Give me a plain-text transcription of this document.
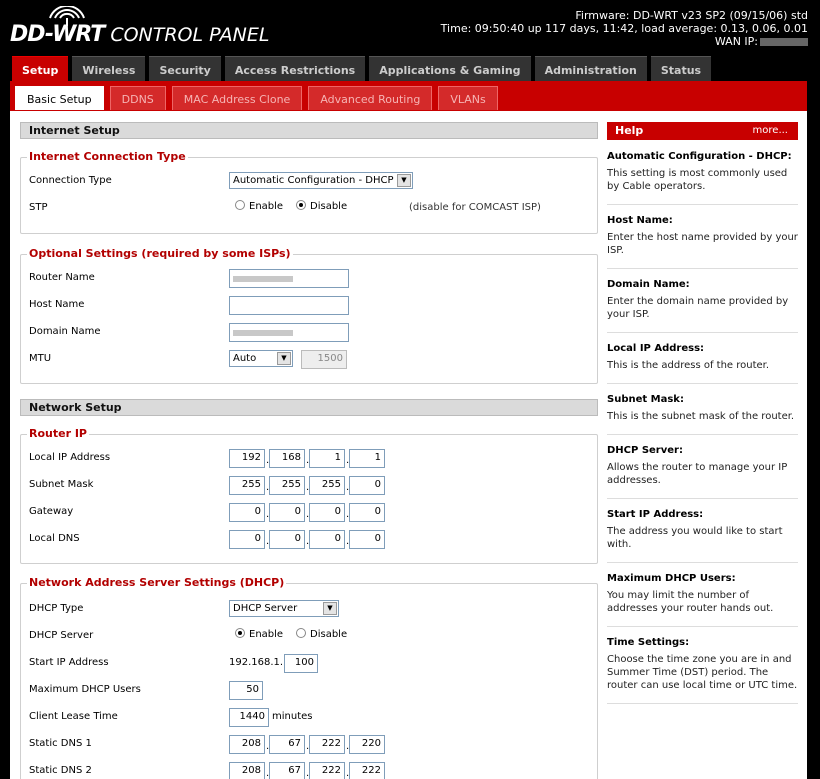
DD-WRT CONTROL PANEL
Firmware: DD-WRT v23 SP2 (09/15/06) std
Time: 09:50:40 up 117 days, 11:42, load average: 0.13, 0.06, 0.01
WAN IP:
Setup	Wireless	Security	Access Restrictions	Applications & Gaming	Administration	Status
Basic Setup	DDNS	MAC Address Clone	Advanced Routing	VLANs
Internet Setup
Internet Connection Type
Connection Type	Automatic Configuration - DHCP	▼
STP	Enable	Disable	(disable for COMCAST ISP)
Optional Settings (required by some ISPs)
Router Name
Host Name
Domain Name
MTU	Auto	▼	1500
Network Setup
Router IP
Local IP Address	192 .	168 .	1 .	1
Subnet Mask	255 .	255 .	255 .	0
Gateway	0 .	0 .	0 .	0
Local DNS	0 .	0 .	0 .	0
Network Address Server Settings (DHCP)
DHCP Type	DHCP Server	▼
DHCP Server	Enable	Disable
Start IP Address	192.168.1.	100
Maximum DHCP Users	50
Client Lease Time	1440 minutes
Static DNS 1	208 .	67 .	222 .	220
Static DNS 2	208 .	67 .	222 .	222
Help	more...
Automatic Configuration - DHCP:
This setting is most commonly used by Cable operators.
Host Name:
Enter the host name provided by your ISP.
Domain Name:
Enter the domain name provided by your ISP.
Local IP Address:
This is the address of the router.
Subnet Mask:
This is the subnet mask of the router.
DHCP Server:
Allows the router to manage your IP addresses.
Start IP Address:
The address you would like to start with.
Maximum DHCP Users:
You may limit the number of addresses your router hands out.
Time Settings:
Choose the time zone you are in and Summer Time (DST) period. The router can use local time or UTC time.
